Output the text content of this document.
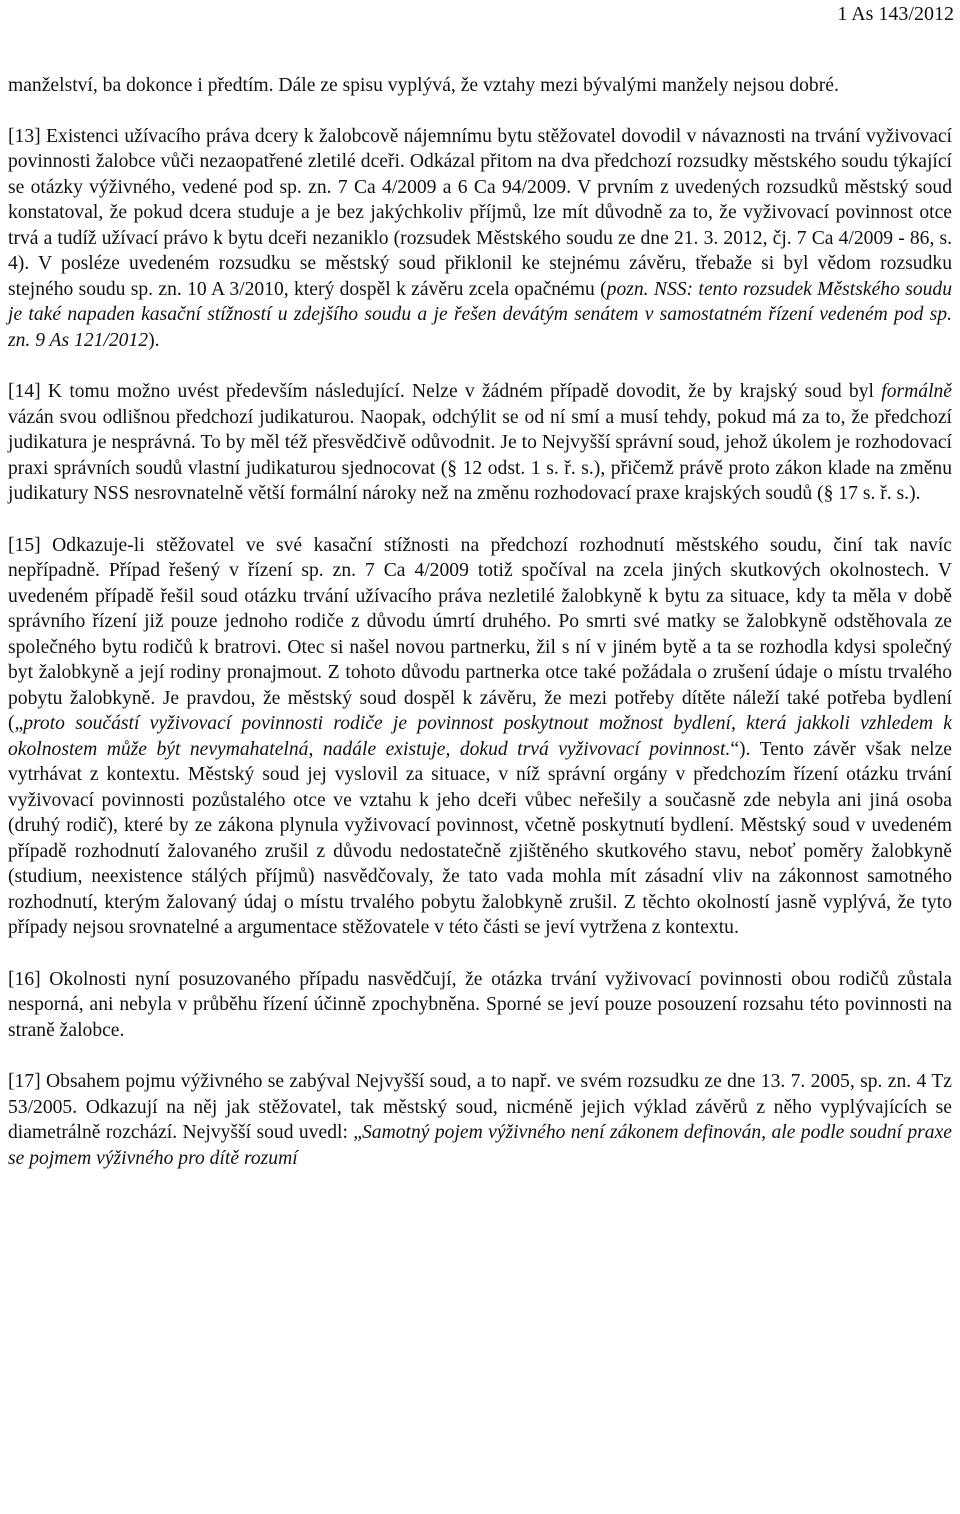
1 As 143/2012

manželství, ba dokonce i předtím. Dále ze spisu vyplývá, že vztahy mezi bývalými manžely nejsou dobré.

[13] Existenci užívacího práva dcery k žalobcově nájemnímu bytu stěžovatel dovodil v návaznosti na trvání vyživovací povinnosti žalobce vůči nezaopatřené zletilé dceři. Odkázal přitom na dva předchozí rozsudky městského soudu týkající se otázky výživného, vedené pod sp. zn. 7 Ca 4/2009 a 6 Ca 94/2009. V prvním z uvedených rozsudků městský soud konstatoval, že pokud dcera studuje a je bez jakýchkoliv příjmů, lze mít důvodně za to, že vyživovací povinnost otce trvá a tudíž užívací právo k bytu dceři nezaniklo (rozsudek Městského soudu ze dne 21. 3. 2012, čj. 7 Ca 4/2009 - 86, s. 4). V posléze uvedeném rozsudku se městský soud přiklonil ke stejnému závěru, třebaže si byl vědom rozsudku stejného soudu sp. zn. 10 A 3/2010, který dospěl k závěru zcela opačnému (pozn. NSS: tento rozsudek Městského soudu je také napaden kasační stížností u zdejšího soudu a je řešen devátým senátem v samostatném řízení vedeném pod sp. zn. 9 As 121/2012).

[14] K tomu možno uvést především následující. Nelze v žádném případě dovodit, že by krajský soud byl formálně vázán svou odlišnou předchozí judikaturou. Naopak, odchýlit se od ní smí a musí tehdy, pokud má za to, že předchozí judikatura je nesprávná. To by měl též přesvědčivě odůvodnit. Je to Nejvyšší správní soud, jehož úkolem je rozhodovací praxi správních soudů vlastní judikaturou sjednocovat (§ 12 odst. 1 s. ř. s.), přičemž právě proto zákon klade na změnu judikatury NSS nesrovnatelně větší formální nároky než na změnu rozhodovací praxe krajských soudů (§ 17 s. ř. s.).

[15] Odkazuje-li stěžovatel ve své kasační stížnosti na předchozí rozhodnutí městského soudu, činí tak navíc nepřípadně. Případ řešený v řízení sp. zn. 7 Ca 4/2009 totiž spočíval na zcela jiných skutkových okolnostech. V uvedeném případě řešil soud otázku trvání užívacího práva nezletilé žalobkyně k bytu za situace, kdy ta měla v době správního řízení již pouze jednoho rodiče z důvodu úmrtí druhého. Po smrti své matky se žalobkyně odstěhovala ze společného bytu rodičů k bratrovi. Otec si našel novou partnerku, žil s ní v jiném bytě a ta se rozhodla kdysi společný byt žalobkyně a její rodiny pronajmout. Z tohoto důvodu partnerka otce také požádala o zrušení údaje o místu trvalého pobytu žalobkyně. Je pravdou, že městský soud dospěl k závěru, že mezi potřeby dítěte náleží také potřeba bydlení („proto součástí vyživovací povinnosti rodiče je povinnost poskytnout možnost bydlení, která jakkoli vzhledem k okolnostem může být nevymahatelná, nadále existuje, dokud trvá vyživovací povinnost.“). Tento závěr však nelze vytrhávat z kontextu. Městský soud jej vyslovil za situace, v níž správní orgány v předchozím řízení otázku trvání vyživovací povinnosti pozůstalého otce ve vztahu k jeho dceři vůbec neřešily a současně zde nebyla ani jiná osoba (druhý rodič), které by ze zákona plynula vyživovací povinnost, včetně poskytnutí bydlení. Městský soud v uvedeném případě rozhodnutí žalovaného zrušil z důvodu nedostatečně zjištěného skutkového stavu, neboť poměry žalobkyně (studium, neexistence stálých příjmů) nasvědčovaly, že tato vada mohla mít zásadní vliv na zákonnost samotného rozhodnutí, kterým žalovaný údaj o místu trvalého pobytu žalobkyně zrušil. Z těchto okolností jasně vyplývá, že tyto případy nejsou srovnatelné a argumentace stěžovatele v této části se jeví vytržena z kontextu.

[16] Okolnosti nyní posuzovaného případu nasvědčují, že otázka trvání vyživovací povinnosti obou rodičů zůstala nesporná, ani nebyla v průběhu řízení účinně zpochybněna. Sporné se jeví pouze posouzení rozsahu této povinnosti na straně žalobce.

[17] Obsahem pojmu výživného se zabýval Nejvyšší soud, a to např. ve svém rozsudku ze dne 13. 7. 2005, sp. zn. 4 Tz 53/2005. Odkazují na něj jak stěžovatel, tak městský soud, nicméně jejich výklad závěrů z něho vyplývajících se diametrálně rozchází. Nejvyšší soud uvedl: „Samotný pojem výživného není zákonem definován, ale podle soudní praxe se pojmem výživného pro dítě rozumí
